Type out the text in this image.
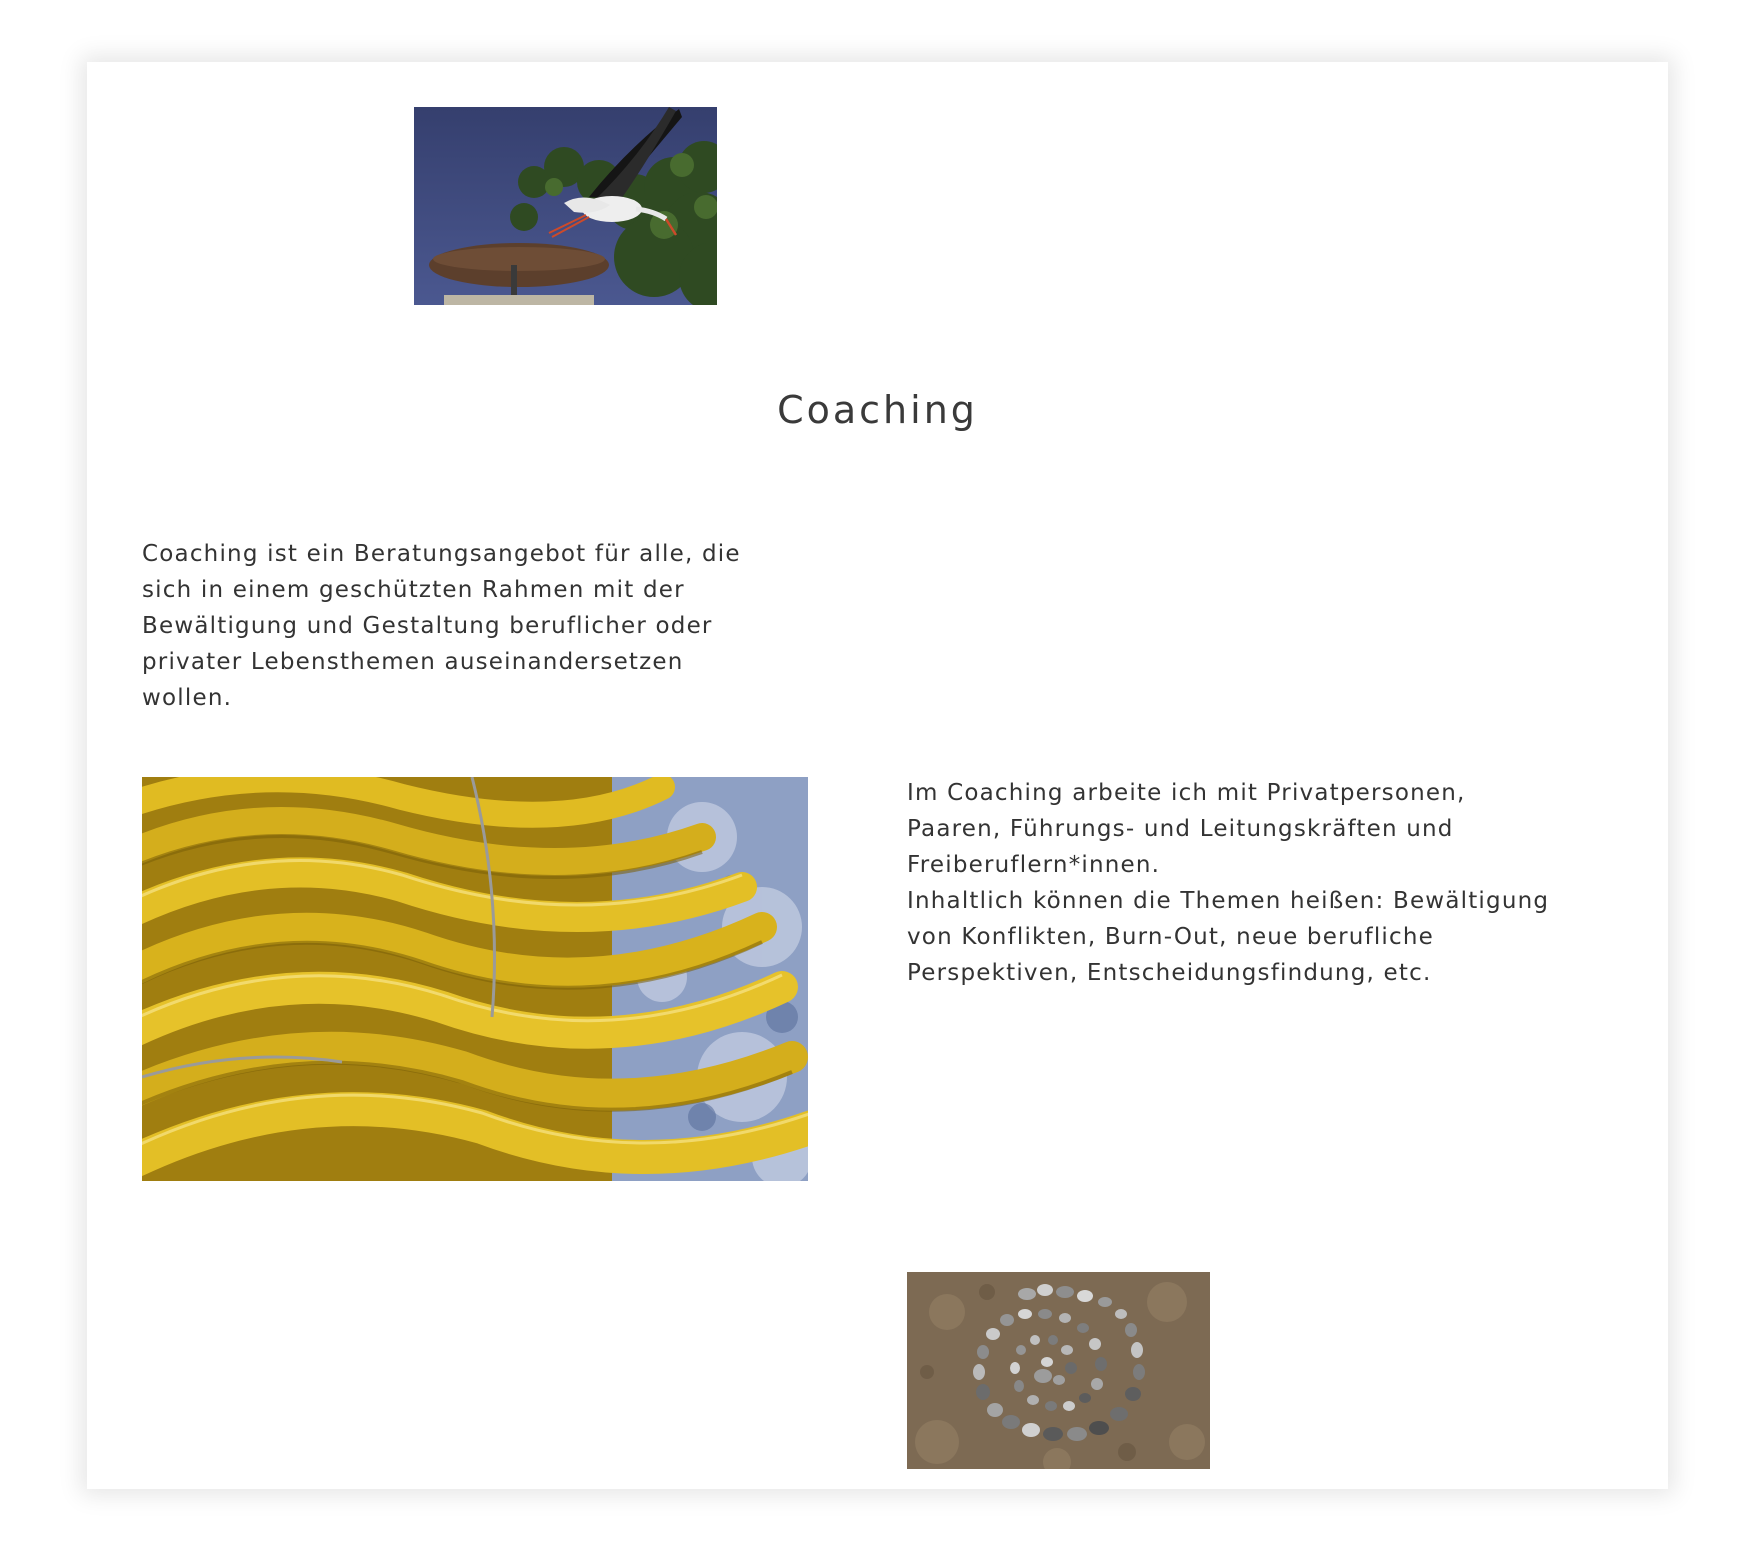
Coaching

Coaching ist ein Beratungsangebot für alle, die
sich in einem geschützten Rahmen mit der
Bewältigung und Gestaltung beruflicher oder
privater Lebensthemen auseinandersetzen
wollen.

Im Coaching arbeite ich mit Privatpersonen,
Paaren, Führungs- und Leitungskräften und
Freiberuflern*innen.
Inhaltlich können die Themen heißen: Bewältigung
von Konflikten, Burn-Out, neue berufliche
Perspektiven, Entscheidungsfindung, etc.
